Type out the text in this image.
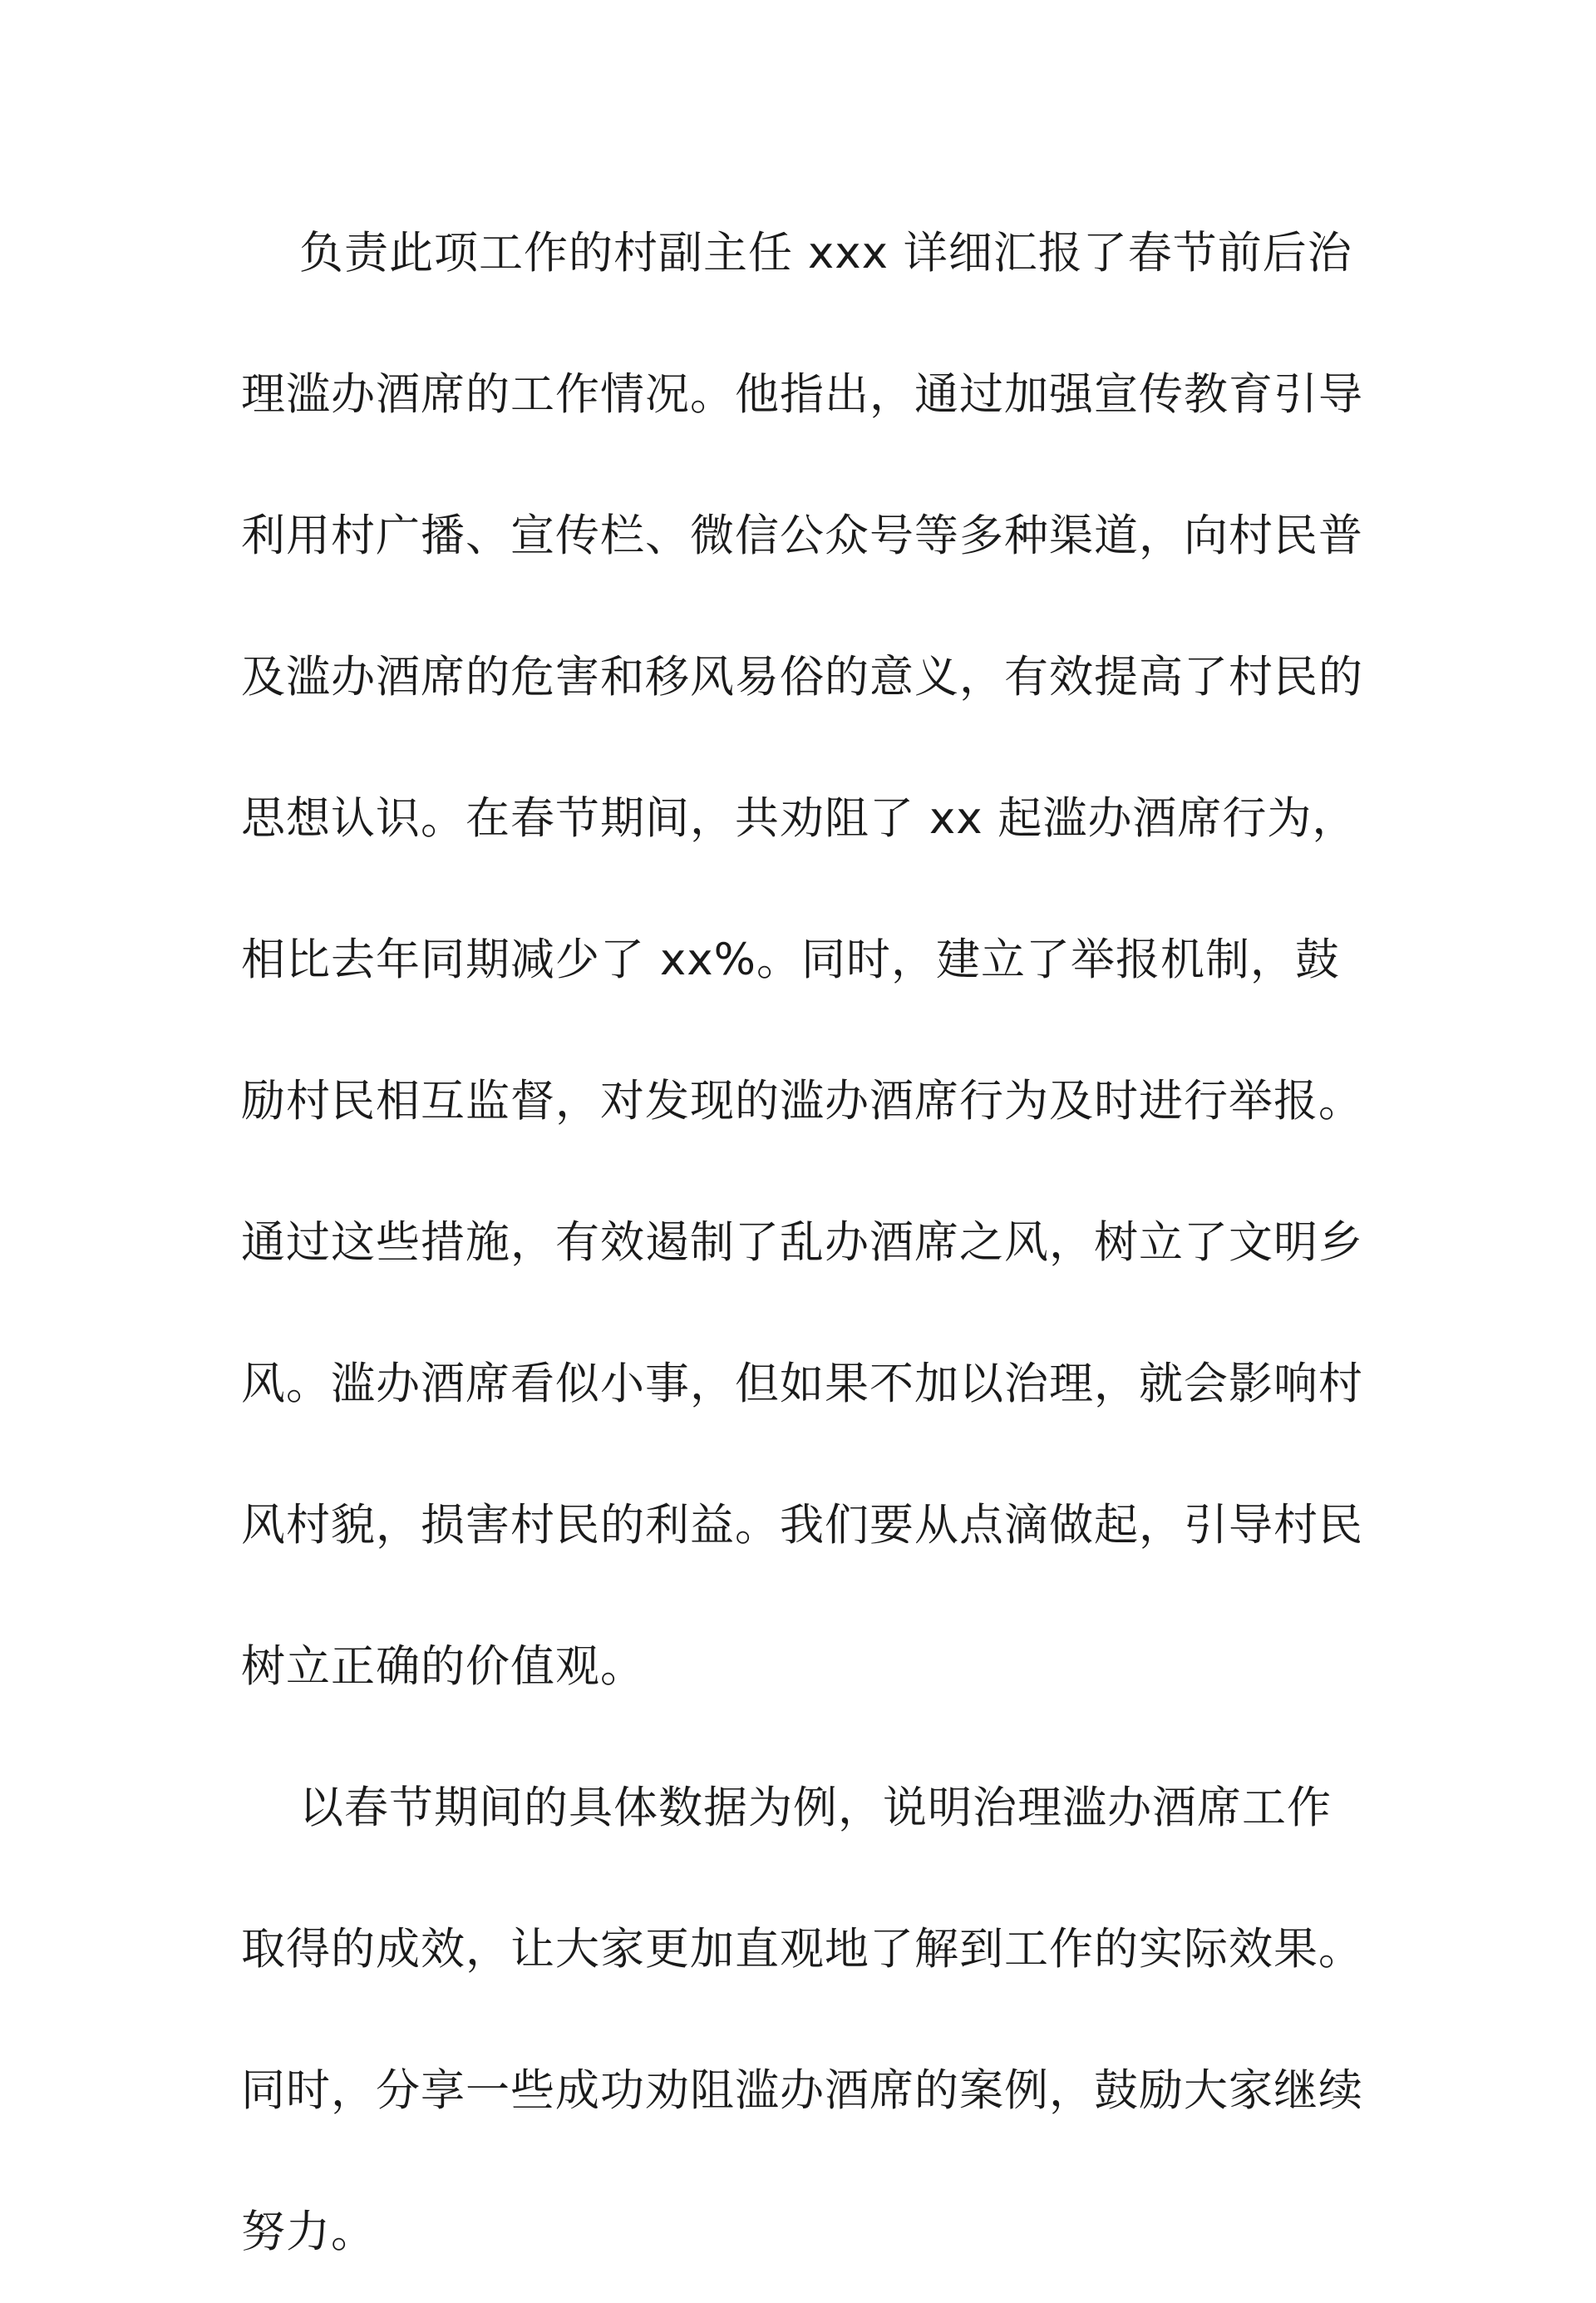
负责此项工作的村副主任 xxx 详细汇报了春节前后治
理滥办酒席的工作情况。他指出，通过加强宣传教育引导
利用村广播、宣传栏、微信公众号等多种渠道，向村民普
及滥办酒席的危害和移风易俗的意义，有效提高了村民的
思想认识。在春节期间，共劝阻了 xx 起滥办酒席行为，
相比去年同期减少了 xx%。同时，建立了举报机制，鼓
励村民相互监督，对发现的滥办酒席行为及时进行举报。
通过这些措施，有效遏制了乱办酒席之风，树立了文明乡
风。滥办酒席看似小事，但如果不加以治理，就会影响村
风村貌，损害村民的利益。我们要从点滴做起，引导村民
树立正确的价值观。
以春节期间的具体数据为例，说明治理滥办酒席工作
取得的成效，让大家更加直观地了解到工作的实际效果。
同时，分享一些成功劝阻滥办酒席的案例，鼓励大家继续
努力。
